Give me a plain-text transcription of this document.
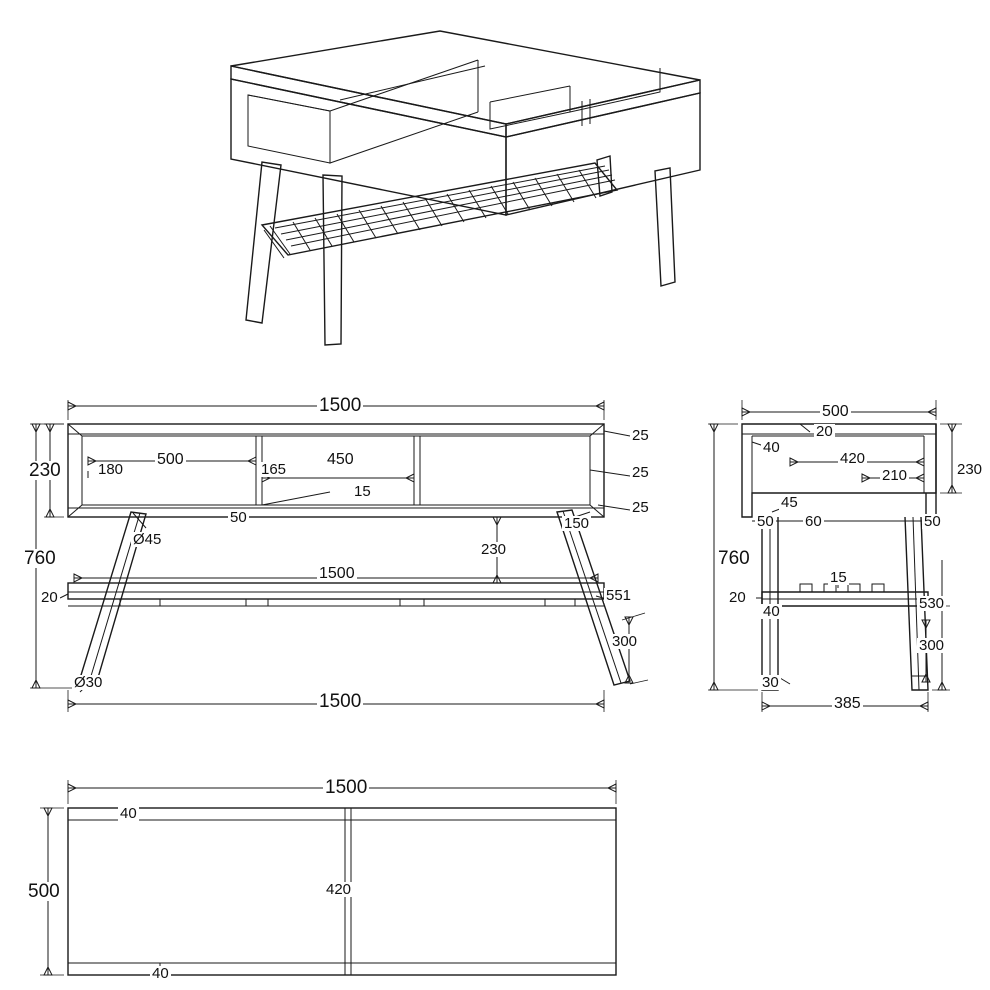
1500
230
500
180
450
165
15
25
25
25
50	150
Ø45
760	230
1500
20	551
300
Ø30
1500
500
20
40
420
210	230
45
50 60	50
760
15
20
40	530
300
30
385
1500
500
40
420
40
